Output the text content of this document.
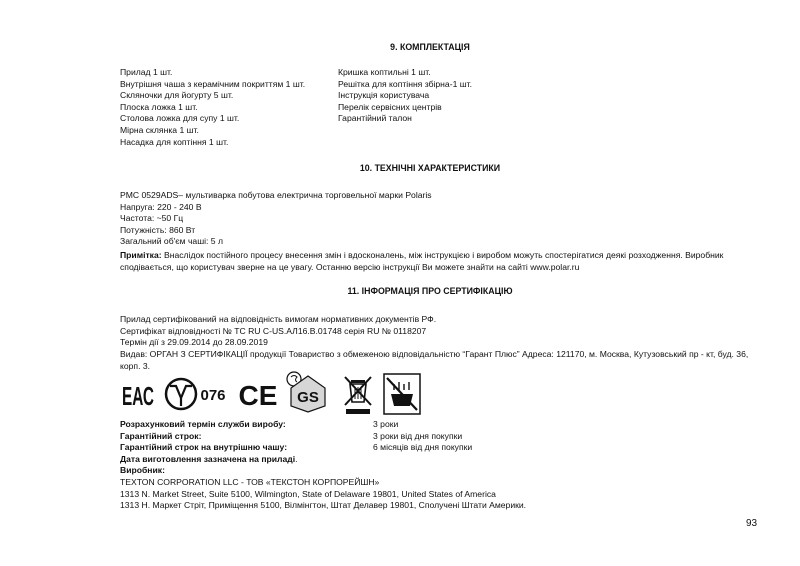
9. КОМПЛЕКТАЦІЯ
Прилад 1 шт.
Внутрішня чаша з керамічним покриттям 1 шт.
Скляночки для йогурту 5 шт.
Плоска ложка 1 шт.
Столова ложка для супу 1 шт.
Мірна склянка 1 шт.
Насадка для коптіння 1 шт.
Кришка коптильні 1 шт.
Решітка для коптіння збірна-1 шт.
Інструкція користувача
Перелік сервісних центрів
Гарантійний талон
10. ТЕХНІЧНІ ХАРАКТЕРИСТИКИ
PMC 0529ADS– мультиварка побутова електрична торговельної марки Polaris
Напруга: 220 - 240 В
Частота: ~50 Гц
Потужність: 860 Вт
Загальний об'єм чаші: 5 л
Примітка: Внаслідок постійного процесу внесення змін і вдосконалень, між інструкцією і виробом можуть спостерігатися деякі розходження. Виробник сподівається, що користувач зверне на це увагу. Останню версію інструкції Ви можете знайти на сайті www.polar.ru
11. ІНФОРМАЦІЯ ПРО СЕРТИФІКАЦІЮ
Прилад сертифікований на відповідність вимогам нормативних документів РФ.
Сертифікат відповідності № ТС RU C-US.АЛ16.В.01748 серія RU № 0118207
Термін дії з 29.09.2014 до 28.09.2019
Видав: ОРГАН З СЕРТИФІКАЦІЇ продукції Товариство з обмеженою відповідальністю “Гарант Плюс” Адреса: 121170, м. Москва, Кутузовський пр - кт, буд. 36, корп. 3.
ЕАС	076 CE GS
Розрахунковий термін служби виробу:
Гарантійний строк:
Гарантійний строк на внутрішню чашу:
Дата виготовлення зазначена на приладі.
Виробник:
TEXTON CORPORATION LLC - ТОВ «ТЕКСТОН КОРПОРЕЙШН»
1313 N. Market Street, Suite 5100, Wilmington, State of Delaware 19801, United States of America
1313 Н. Маркет Стріт, Приміщення 5100, Вілмінгтон, Штат Делавер 19801, Сполучені Штати Америки.
3 роки
3 роки від дня покупки
6 місяців від дня покупки
93
